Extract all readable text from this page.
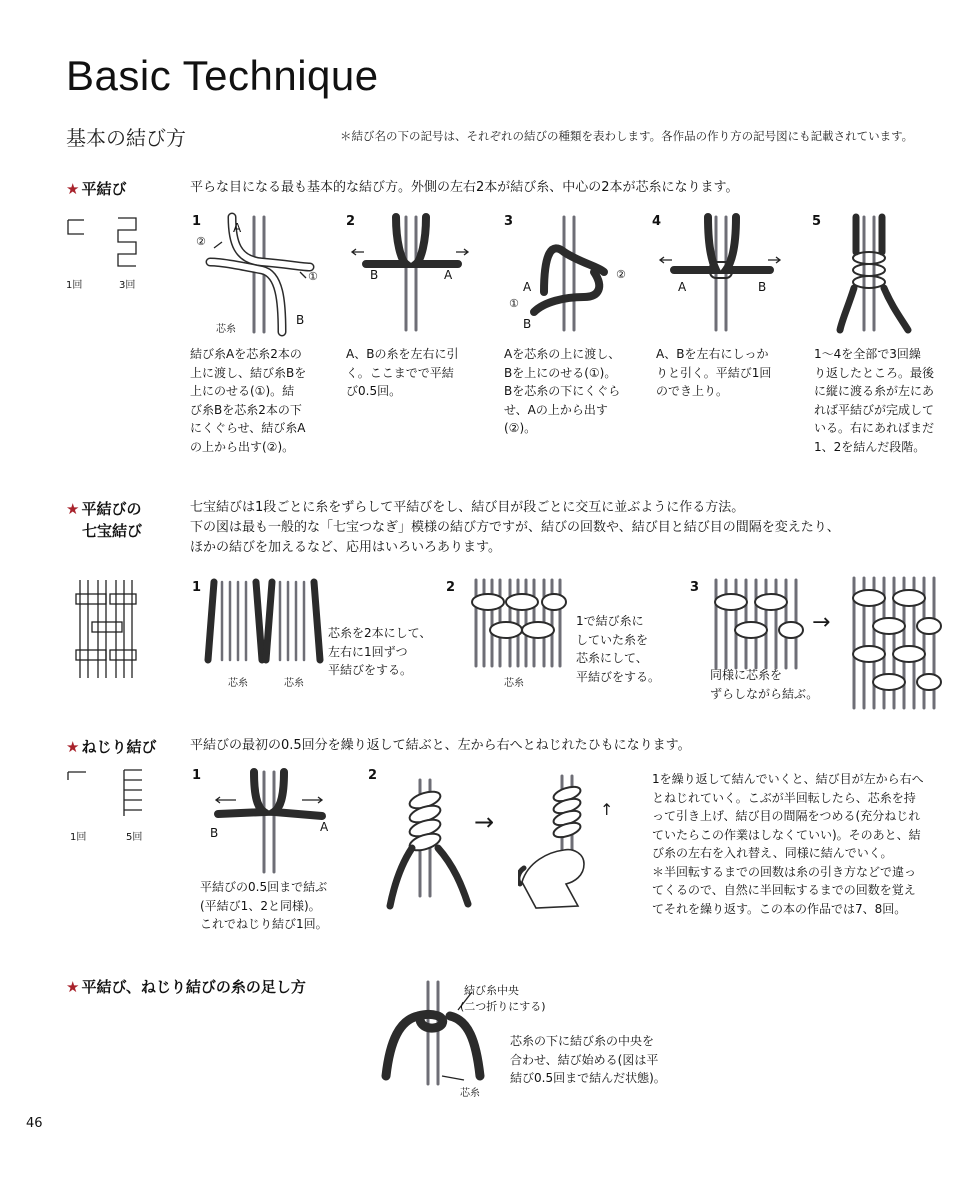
Basic Technique
基本の結び方	＊結び名の下の記号は、それぞれの結びの種類を表わします。各作品の作り方の記号図にも記載されています。
★ 平結び	平らな目になる最も基本的な結び方。外側の左右2本が結び糸、中心の2本が芯糸になります。
1回	3回
1	A
②
①
芯糸
B
結び糸Aを芯糸2本の
上に渡し、結び糸Bを
上にのせる(①)。結
び糸Bを芯糸2本の下
にくぐらせ、結び糸A
の上から出す(②)。
2
B	A
A、Bの糸を左右に引
く。ここまでで平結
び0.5回。
3
A
②
①
B
Aを芯糸の上に渡し、
Bを上にのせる(①)。
Bを芯糸の下にくぐら
せ、Aの上から出す
(②)。
4
A	B
A、Bを左右にしっか
りと引く。平結び1回
のでき上り。
5
1～4を全部で3回繰
り返したところ。最後
に縦に渡る糸が左にあ
れば平結びが完成して
いる。右にあればまだ
1、2を結んだ段階。
★ 平結びの
七宝結び
七宝結びは1段ごとに糸をずらして平結びをし、結び目が段ごとに交互に並ぶように作る方法。
下の図は最も一般的な「七宝つなぎ」模様の結び方ですが、結びの回数や、結び目と結び目の間隔を変えたり、
ほかの結びを加えるなど、応用はいろいろあります。
1
芯糸	芯糸
芯糸を2本にして、
左右に1回ずつ
平結びをする。
2
芯糸
1で結び糸に
していた糸を
芯糸にして、
平結びをする。
3
同様に芯糸を
ずらしながら結ぶ。
→
★ ねじり結び	平結びの最初の0.5回分を繰り返して結ぶと、左から右へとねじれたひもになります。
1回	5回
1
B	A
平結びの0.5回まで結ぶ
(平結び1、2と同様)。
これでねじり結び1回。
2
→	↑
1を繰り返して結んでいくと、結び目が左から右へ
とねじれていく。こぶが半回転したら、芯糸を持
って引き上げ、結び目の間隔をつめる(充分ねじれ
ていたらこの作業はしなくていい)。そのあと、結
び糸の左右を入れ替え、同様に結んでいく。
＊半回転するまでの回数は糸の引き方などで違っ
てくるので、自然に半回転するまでの回数を覚え
てそれを繰り返す。この本の作品では7、8回。
★ 平結び、ねじり結びの糸の足し方	結び糸中央
(二つ折りにする)
芯糸
芯糸の下に結び糸の中央を
合わせ、結び始める(図は平
結び0.5回まで結んだ状態)。
46
